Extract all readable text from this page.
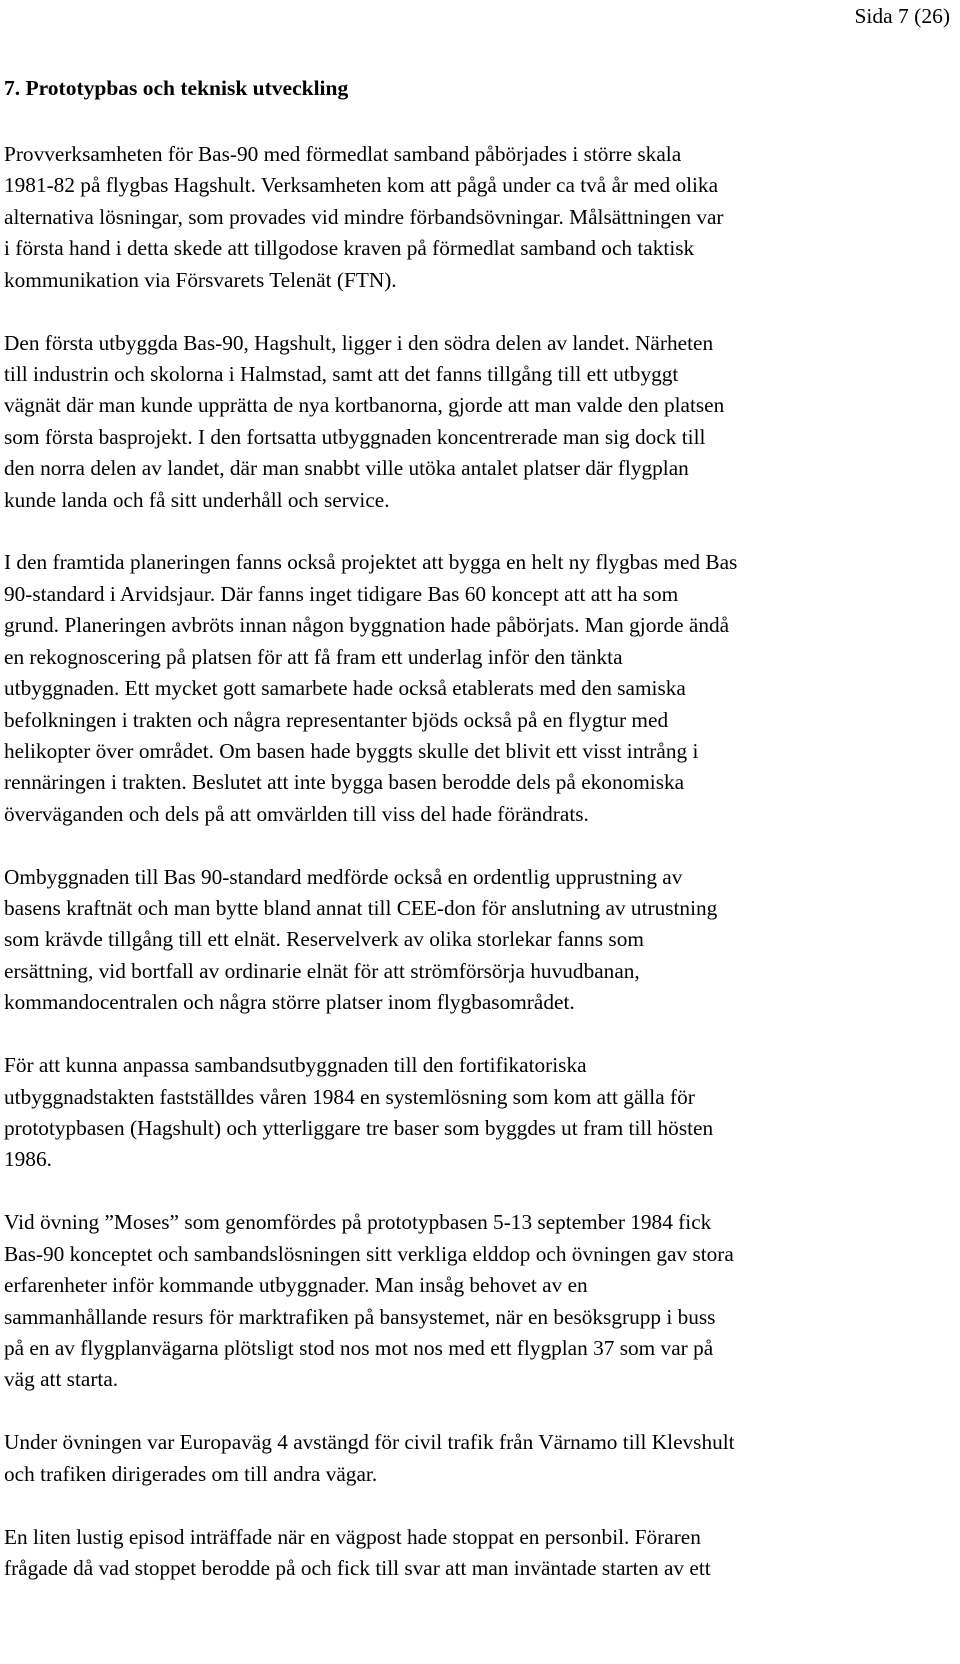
Sida 7 (26)
7. Prototypbas och teknisk utveckling

Provverksamheten för Bas-90 med förmedlat samband påbörjades i större skala
1981-82 på flygbas Hagshult. Verksamheten kom att pågå under ca två år med olika
alternativa lösningar, som provades vid mindre förbandsövningar. Målsättningen var
i första hand i detta skede att tillgodose kraven på förmedlat samband och taktisk
kommunikation via Försvarets Telenät (FTN).

Den första utbyggda Bas-90, Hagshult, ligger i den södra delen av landet. Närheten
till industrin och skolorna i Halmstad, samt att det fanns tillgång till ett utbyggt
vägnät där man kunde upprätta de nya kortbanorna, gjorde att man valde den platsen
som första basprojekt. I den fortsatta utbyggnaden koncentrerade man sig dock till
den norra delen av landet, där man snabbt ville utöka antalet platser där flygplan
kunde landa och få sitt underhåll och service.

I den framtida planeringen fanns också projektet att bygga en helt ny flygbas med Bas
90-standard i Arvidsjaur. Där fanns inget tidigare Bas 60 koncept att att ha som
grund. Planeringen avbröts innan någon byggnation hade påbörjats. Man gjorde ändå
en rekognoscering på platsen för att få fram ett underlag inför den tänkta
utbyggnaden. Ett mycket gott samarbete hade också etablerats med den samiska
befolkningen i trakten och några representanter bjöds också på en flygtur med
helikopter över området. Om basen hade byggts skulle det blivit ett visst intrång i
rennäringen i trakten. Beslutet att inte bygga basen berodde dels på ekonomiska
överväganden och dels på att omvärlden till viss del hade förändrats.

Ombyggnaden till Bas 90-standard medförde också en ordentlig upprustning av
basens kraftnät och man bytte bland annat till CEE-don för anslutning av utrustning
som krävde tillgång till ett elnät. Reservelverk av olika storlekar fanns som
ersättning, vid bortfall av ordinarie elnät för att strömförsörja huvudbanan,
kommandocentralen och några större platser inom flygbasområdet.

För att kunna anpassa sambandsutbyggnaden till den fortifikatoriska
utbyggnadstakten fastställdes våren 1984 en systemlösning som kom att gälla för
prototypbasen (Hagshult) och ytterliggare tre baser som byggdes ut fram till hösten
1986.

Vid övning ”Moses” som genomfördes på prototypbasen 5-13 september 1984 fick
Bas-90 konceptet och sambandslösningen sitt verkliga elddop och övningen gav stora
erfarenheter inför kommande utbyggnader. Man insåg behovet av en
sammanhållande resurs för marktrafiken på bansystemet, när en besöksgrupp i buss
på en av flygplanvägarna plötsligt stod nos mot nos med ett flygplan 37 som var på
väg att starta.

Under övningen var Europaväg 4 avstängd för civil trafik från Värnamo till Klevshult
och trafiken dirigerades om till andra vägar.

En liten lustig episod inträffade när en vägpost hade stoppat en personbil. Föraren
frågade då vad stoppet berodde på och fick till svar att man inväntade starten av ett
